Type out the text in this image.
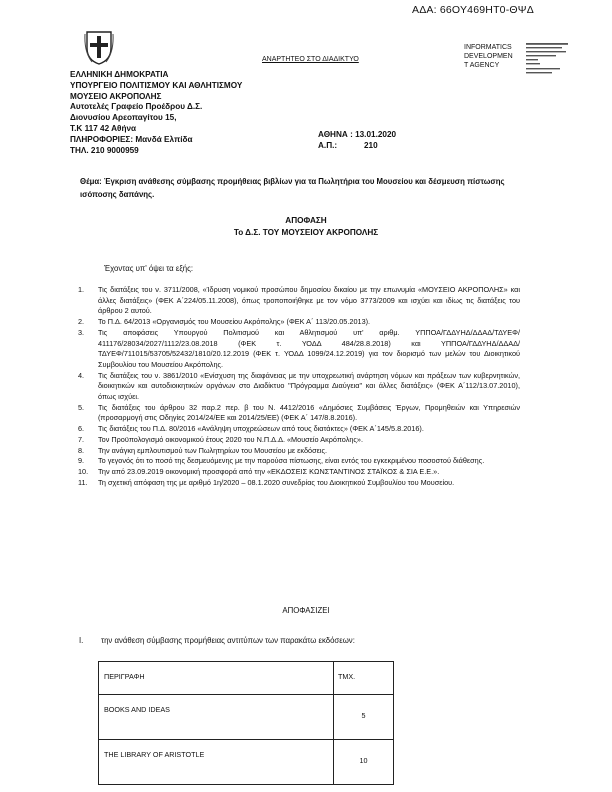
ΑΔΑ: 66ΟΥ469ΗΤ0-ΘΨΔ
ΑΝΑΡΤΗΤΕΟ ΣΤΟ ΔΙΑΔΙΚΤΥΟ
INFORMATICS
DEVELOPMEN
T AGENCY
ΕΛΛΗΝΙΚΗ ΔΗΜΟΚΡΑΤΙΑ
ΥΠΟΥΡΓΕΙΟ ΠΟΛΙΤΙΣΜΟΥ ΚΑΙ ΑΘΛΗΤΙΣΜΟΥ
ΜΟΥΣΕΙΟ ΑΚΡΟΠΟΛΗΣ
Αυτοτελές Γραφείο Προέδρου Δ.Σ.
Διονυσίου Αρεοπαγίτου 15,
Τ.Κ 117 42 Αθήνα
ΠΛΗΡΟΦΟΡΙΕΣ: Μανδά Ελπίδα
ΤΗΛ. 210 9000959
ΑΘΗΝΑ : 13.01.2020
Α.Π.:	210
Θέμα: Έγκριση ανάθεσης σύμβασης προμήθειας βιβλίων για τα Πωλητήρια του Μουσείου και δέσμευση πίστωσης ισόποσης δαπάνης.
ΑΠΟΦΑΣΗ
Το Δ.Σ. ΤΟΥ ΜΟΥΣΕΙΟΥ ΑΚΡΟΠΟΛΗΣ
Έχοντας υπ' όψει τα εξής:
1. Τις διατάξεις του ν. 3711/2008, «Ίδρυση νομικού προσώπου δημοσίου δικαίου με την επωνυμία «ΜΟΥΣΕΙΟ ΑΚΡΟΠΟΛΗΣ» και άλλες διατάξεις» (ΦΕΚ Α΄224/05.11.2008), όπως τροποποιήθηκε με τον νόμο 3773/2009 και ισχύει και ιδίως τις διατάξεις του άρθρου 2 αυτού.
2. Το Π.Δ. 64/2013 «Οργανισμός του Μουσείου Ακρόπολης» (ΦΕΚ Α΄ 113/20.05.2013).
3. Τις αποφάσεις Υπουργού Πολιτισμού και Αθλητισμού υπ' αριθμ. ΥΠΠΟΑ/ΓΔΔΥΗΔ/ΔΔΑΔ/ΤΔΥΕΦ/ 411176/28034/2027/1112/23.08.2018 (ΦΕΚ τ. ΥΟΔΔ 484/28.8.2018) και ΥΠΠΟΑ/ΓΔΔΥΗΔ/ΔΔΑΔ/ ΤΔΥΕΦ/711015/53705/52432/1810/20.12.2019 (ΦΕΚ τ. ΥΟΔΔ 1099/24.12.2019) για τον διορισμό των μελών του Διοικητικού Συμβουλίου του Μουσείου Ακρόπολης.
4. Τις διατάξεις του ν. 3861/2010 «Ενίσχυση της διαφάνειας με την υποχρεωτική ανάρτηση νόμων και πράξεων των κυβερνητικών, διοικητικών και αυτοδιοικητικών οργάνων στο Διαδίκτυο "Πρόγραμμα Διαύγεια" και άλλες διατάξεις» (ΦΕΚ Α΄112/13.07.2010), όπως ισχύει.
5. Τις διατάξεις του άρθρου 32 παρ.2 περ. β του Ν. 4412/2016 «Δημόσιες Συμβάσεις Έργων, Προμηθειών και Υπηρεσιών (προσαρμογή στις Οδηγίες 2014/24/ΕΕ και 2014/25/ΕΕ) (ΦΕΚ Α΄ 147/8.8.2016).
6. Τις διατάξεις του Π.Δ. 80/2016 «Ανάληψη υποχρεώσεων από τους διατάκτες» (ΦΕΚ Α΄145/5.8.2016).
7. Τον Προϋπολογισμό οικονομικού έτους 2020 του Ν.Π.Δ.Δ. «Μουσείο Ακρόπολης».
8. Την ανάγκη εμπλουτισμού των Πωλητηρίων του Μουσείου με εκδόσεις.
9. Το γεγονός ότι το ποσό της δεσμευόμενης με την παρούσα πίστωσης, είναι εντός του εγκεκριμένου ποσοστού διάθεσης.
10. Την από 23.09.2019 οικονομική προσφορά από την «ΕΚΔΟΣΕΙΣ ΚΩΝΣΤΑΝΤΙΝΟΣ ΣΤΑΪΚΟΣ & ΣΙΑ Ε.Ε.».
11. Τη σχετική απόφαση της με αριθμό 1η/2020 – 08.1.2020 συνεδρίας του Διοικητικού Συμβουλίου του Μουσείου.
ΑΠΟΦΑΣΙΖΕΙ
I. την ανάθεση σύμβασης προμήθειας αντιτύπων των παρακάτω εκδόσεων:
ΠΕΡΙΓΡΑΦΗ	ΤΜΧ.
BOOKS AND IDEAS	5
THE LIBRARY OF ARISTOTLE	10
